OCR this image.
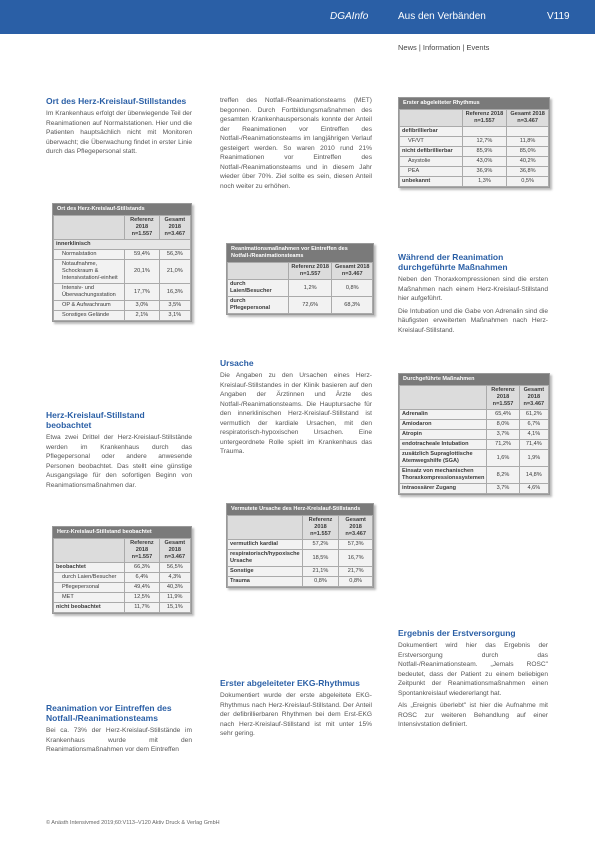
DGAInfo	Aus den Verbänden	V119
News | Information | Events
Ort des Herz-Kreislauf-Stillstandes

Im Krankenhaus erfolgt der überwiegende Teil der Reanimationen auf Normalstationen. Hier und die Patienten hauptsächlich nicht mit Monitoren überwacht; die Überwachung findet in erster Linie durch das Pflegepersonal statt.

Ort des Herz-Kreislauf-Stillstands
	Referenz 2018 n=1.557	Gesamt 2018 n=3.467
innerklinisch		
Normalstation	59,4%	56,3%
Notaufnahme, Schockraum & Intensivstation/-einheit	20,1%	21,0%
Intensiv- und Überwachungsstation	17,7%	16,3%
OP & Aufwachraum	3,0%	3,5%
Sonstiges Gelände	2,1%	3,1%
Herz-Kreislauf-Stillstand beobachtet

Etwa zwei Drittel der Herz-Kreislauf-Stillstände werden im Krankenhaus durch das Pflegepersonal oder andere anwesende Personen beobachtet. Das stellt eine günstige Ausgangslage für den sofortigen Beginn von Reanimationsmaßnahmen dar.

Herz-Kreislauf-Stillstand beobachtet
	Referenz 2018 n=1.557	Gesamt 2018 n=3.467
beobachtet	66,3%	56,5%
durch Laien/Besucher	6,4%	4,3%
Pflegepersonal	49,4%	40,3%
MET	12,5%	11,9%
nicht beobachtet	11,7%	15,1%
Reanimation vor Eintreffen des Notfall-/Reanimationsteams

Bei ca. 73% der Herz-Kreislauf-Stillstände im Krankenhaus wurde mit den Reanimationsmaßnahmen vor dem Eintreffen

treffen des Notfall-/Reanimationsteams (MET) begonnen. Durch Fortbildungsmaßnahmen des gesamten Krankenhauspersonals konnte der Anteil der Reanimationen vor Eintreffen des Notfall-/Reanimationsteams im langjährigen Verlauf gesteigert werden. So waren 2010 rund 21% Reanimationen vor Eintreffen des Notfall-/Reanimationsteams und in diesem Jahr wieder über 70%. Ziel sollte es sein, diesen Anteil noch weiter zu erhöhen.

Reanimationsmaßnahmen vor Eintreffen des Notfall-/Reanimationsteams
	Referenz 2018 n=1.557	Gesamt 2018 n=3.467
durch Laien/Besucher	1,2%	0,8%
durch Pflegepersonal	72,6%	68,3%
Ursache

Die Angaben zu den Ursachen eines Herz-Kreislauf-Stillstandes in der Klinik basieren auf den Angaben der Ärztinnen und Ärzte des Notfall-/Reanimationsteams. Die Hauptursache für den innerklinischen Herz-Kreislauf-Stillstand ist vermutlich der kardiale Ursachen, mit den respiratorisch-hypoxischen Ursachen. Eine untergeordnete Rolle spielt im Krankenhaus das Trauma.

Vermutete Ursache des Herz-Kreislauf-Stillstands
	Referenz 2018 n=1.557	Gesamt 2018 n=3.467
vermutlich kardial	57,2%	57,3%
respiratorisch/hypoxische Ursache	18,5%	16,7%
Sonstige	21,1%	21,7%
Trauma	0,8%	0,8%
Erster abgeleiteter EKG-Rhythmus

Dokumentiert wurde der erste abgeleitete EKG-Rhythmus nach Herz-Kreislauf-Stillstand. Der Anteil der defibrillierbaren Rhythmen bei dem Erst-EKG nach Herz-Kreislauf-Stillstand ist mit unter 15% sehr gering.

Erster abgeleiteter Rhythmus
	Referenz 2018 n=1.557	Gesamt 2018 n=3.467
defibrillierbar		
VF/VT	12,7%	11,8%
nicht defibrillierbar	85,9%	85,0%
Asystolie	43,0%	40,2%
PEA	36,9%	36,8%
unbekannt	1,3%	0,5%
Während der Reanimation durchgeführte Maßnahmen

Neben den Thoraxkompressionen sind die ersten Maßnahmen nach einem Herz-Kreislauf-Stillstand hier aufgeführt.

Die Intubation und die Gabe von Adrenalin sind die häufigsten erweiterten Maßnahmen nach Herz-Kreislauf-Stillstand.

Durchgeführte Maßnahmen
	Referenz 2018 n=1.557	Gesamt 2018 n=3.467
Adrenalin	65,4%	61,2%
Amiodaron	8,0%	6,7%
Atropin	3,7%	4,1%
endotracheale Intubation	71,2%	71,4%
zusätzlich Supraglottische Atemwegshilfe (SGA)	1,6%	1,9%
Einsatz von mechanischen Thoraxkompressionssystemen	8,2%	14,8%
intraossärer Zugang	3,7%	4,6%
Ergebnis der Erstversorgung

Dokumentiert wird hier das Ergebnis der Erstversorgung durch das Notfall-/Reanimationsteam. „Jemals ROSC" bedeutet, dass der Patient zu einem beliebigen Zeitpunkt der Reanimationsmaßnahmen einen Spontankreislauf wiedererlangt hat.

Als „Ereignis überlebt" ist hier die Aufnahme mit ROSC zur weiteren Behandlung auf einer Intensivstation definiert.

© Anästh Intensivmed 2019;60:V113–V120 Aktiv Druck & Verlag GmbH
